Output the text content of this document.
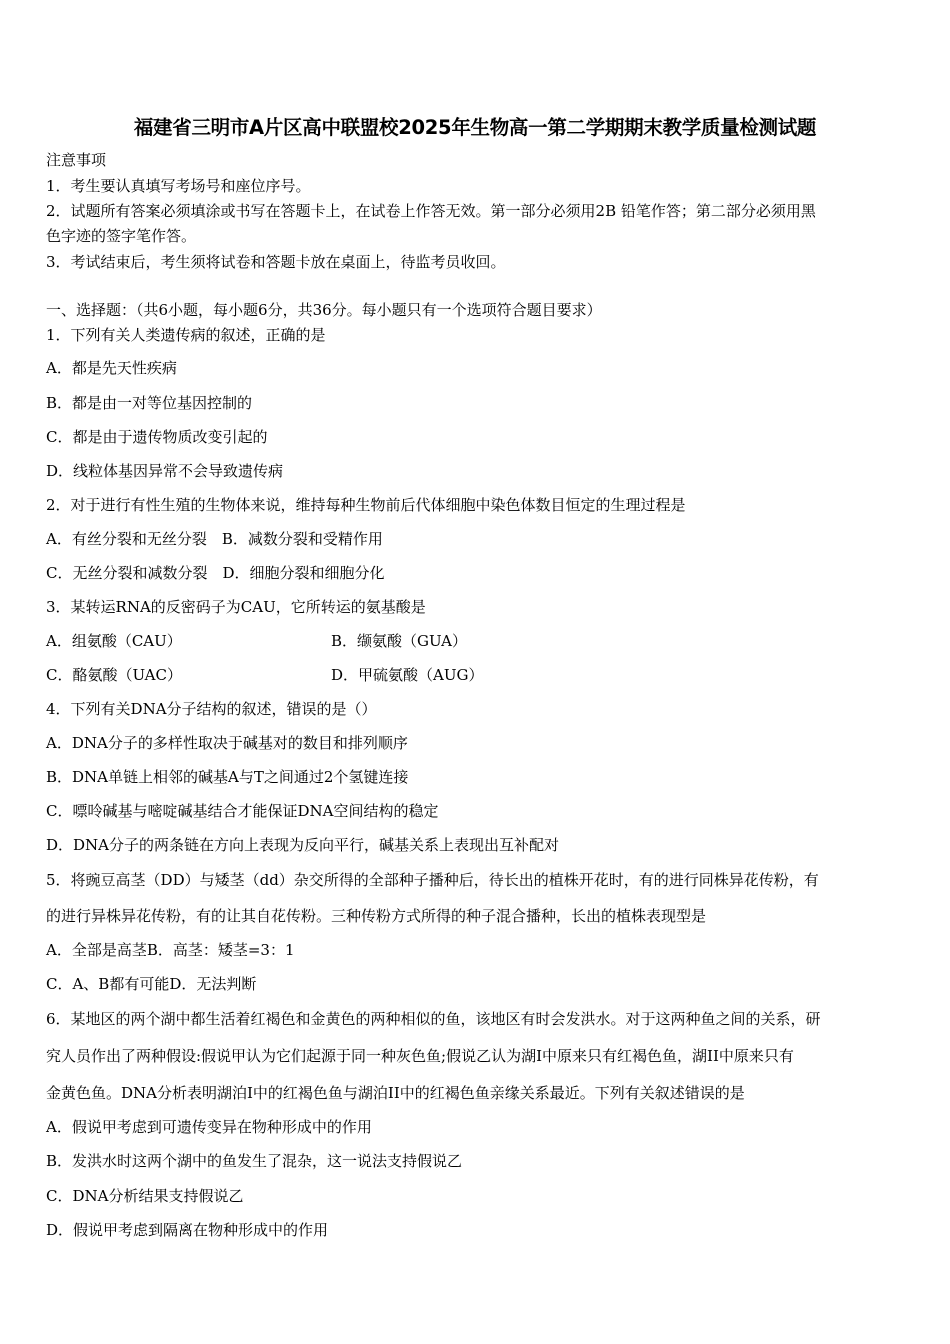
福建省三明市A片区高中联盟校2025年生物高一第二学期期末教学质量检测试题
注意事项
1．考生要认真填写考场号和座位序号。
2．试题所有答案必须填涂或书写在答题卡上，在试卷上作答无效。第一部分必须用2B 铅笔作答；第二部分必须用黑
色字迹的签字笔作答。
3．考试结束后，考生须将试卷和答题卡放在桌面上，待监考员收回。
一、选择题：（共6小题，每小题6分，共36分。每小题只有一个选项符合题目要求）
1．下列有关人类遗传病的叙述，正确的是
A．都是先天性疾病
B．都是由一对等位基因控制的
C．都是由于遗传物质改变引起的
D．线粒体基因异常不会导致遗传病
2．对于进行有性生殖的生物体来说，维持每种生物前后代体细胞中染色体数目恒定的生理过程是
A．有丝分裂和无丝分裂　B．减数分裂和受精作用
C．无丝分裂和减数分裂　D．细胞分裂和细胞分化
3．某转运RNA的反密码子为CAU，它所转运的氨基酸是
A．组氨酸（CAU）	B．缬氨酸（GUA）
C．酪氨酸（UAC）	D．甲硫氨酸（AUG）
4．下列有关DNA分子结构的叙述，错误的是（）
A．DNA分子的多样性取决于碱基对的数目和排列顺序
B．DNA单链上相邻的碱基A与T之间通过2个氢键连接
C．嘌呤碱基与嘧啶碱基结合才能保证DNA空间结构的稳定
D．DNA分子的两条链在方向上表现为反向平行，碱基关系上表现出互补配对
5．将豌豆高茎（DD）与矮茎（dd）杂交所得的全部种子播种后，待长出的植株开花时，有的进行同株异花传粉，有
的进行异株异花传粉，有的让其自花传粉。三种传粉方式所得的种子混合播种，长出的植株表现型是
A．全部是高茎B．高茎：矮茎=3：1
C．A、B都有可能D．无法判断
6．某地区的两个湖中都生活着红褐色和金黄色的两种相似的鱼，该地区有时会发洪水。对于这两种鱼之间的关系，研
究人员作出了两种假设:假说甲认为它们起源于同一种灰色鱼;假说乙认为湖I中原来只有红褐色鱼，湖II中原来只有
金黄色鱼。DNA分析表明湖泊Ⅰ中的红褐色鱼与湖泊II中的红褐色鱼亲缘关系最近。下列有关叙述错误的是
A．假说甲考虑到可遗传变异在物种形成中的作用
B．发洪水时这两个湖中的鱼发生了混杂，这一说法支持假说乙
C．DNA分析结果支持假说乙
D．假说甲考虑到隔离在物种形成中的作用
